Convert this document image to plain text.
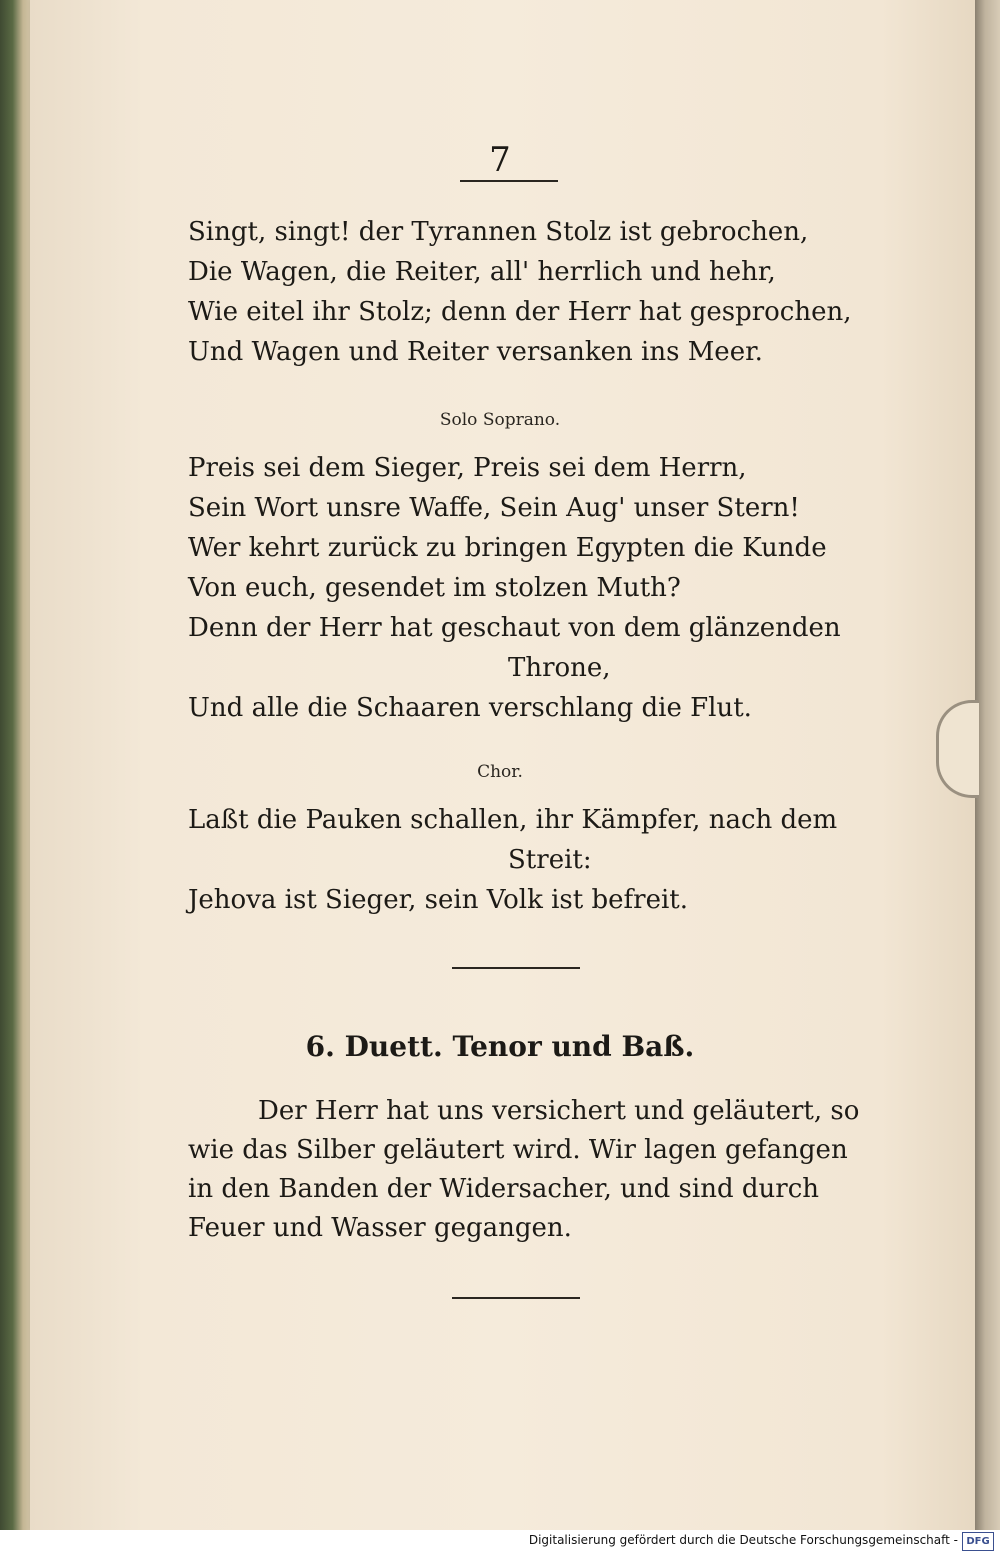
7
Singt, singt! der Tyrannen Stolz ist gebrochen,
Die Wagen, die Reiter, all' herrlich und hehr,
Wie eitel ihr Stolz; denn der Herr hat gesprochen,
Und Wagen und Reiter versanken ins Meer.
Solo Soprano.
Preis sei dem Sieger, Preis sei dem Herrn,
Sein Wort unsre Waffe, Sein Aug' unser Stern!
Wer kehrt zurück zu bringen Egypten die Kunde
Von euch, gesendet im stolzen Muth?
Denn der Herr hat geschaut von dem glänzenden
Throne,
Und alle die Schaaren verschlang die Flut.
Chor.
Laßt die Pauken schallen, ihr Kämpfer, nach dem
Streit:
Jehova ist Sieger, sein Volk ist befreit.
6. Duett. Tenor und Baß.
Der Herr hat uns versichert und geläutert, so
wie das Silber geläutert wird. Wir lagen gefangen
in den Banden der Widersacher, und sind durch
Feuer und Wasser gegangen.
Digitalisierung gefördert durch die Deutsche Forschungsgemeinschaft - DFG
